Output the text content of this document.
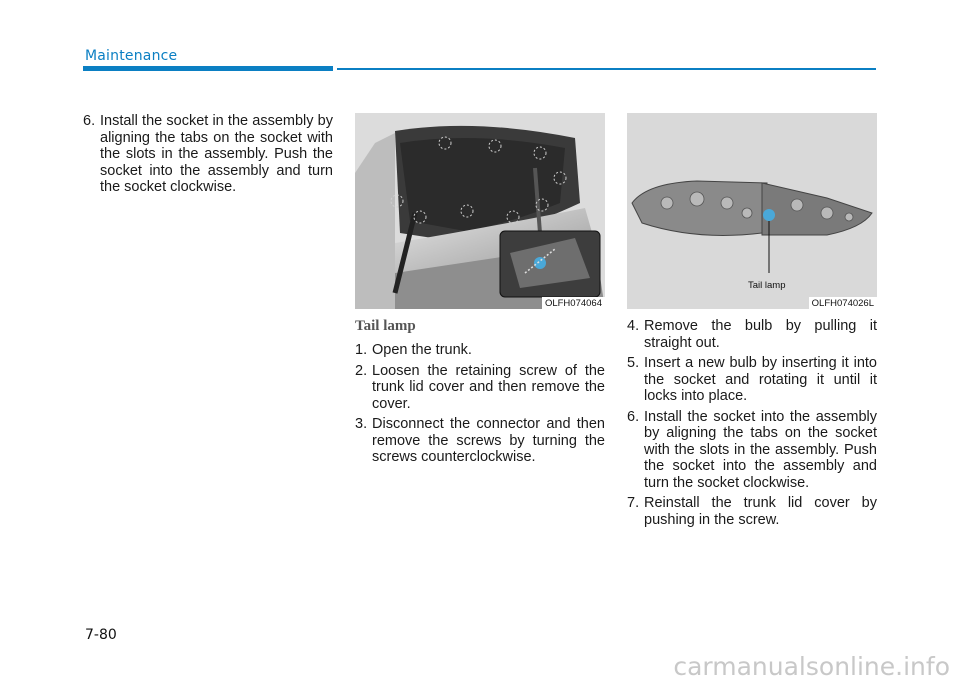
Maintenance
6. Install the socket in the assembly by aligning the tabs on the socket with the slots in the assembly. Push the socket into the assembly and turn the socket clockwise.
OLFH074064
Tail lamp
OLFH074026L
Tail lamp
1. Open the trunk.
2. Loosen the retaining screw of the trunk lid cover and then remove the cover.
3. Disconnect the connector and then remove the screws by turning the screws counterclockwise.
4. Remove the bulb by pulling it straight out.
5. Insert a new bulb by inserting it into the socket and rotating it until it locks into place.
6. Install the socket into the assembly by aligning the tabs on the socket with the slots in the assembly. Push the socket into the assembly and turn the socket clockwise.
7. Reinstall the trunk lid cover by pushing in the screw.
7-80
carmanualsonline.info
